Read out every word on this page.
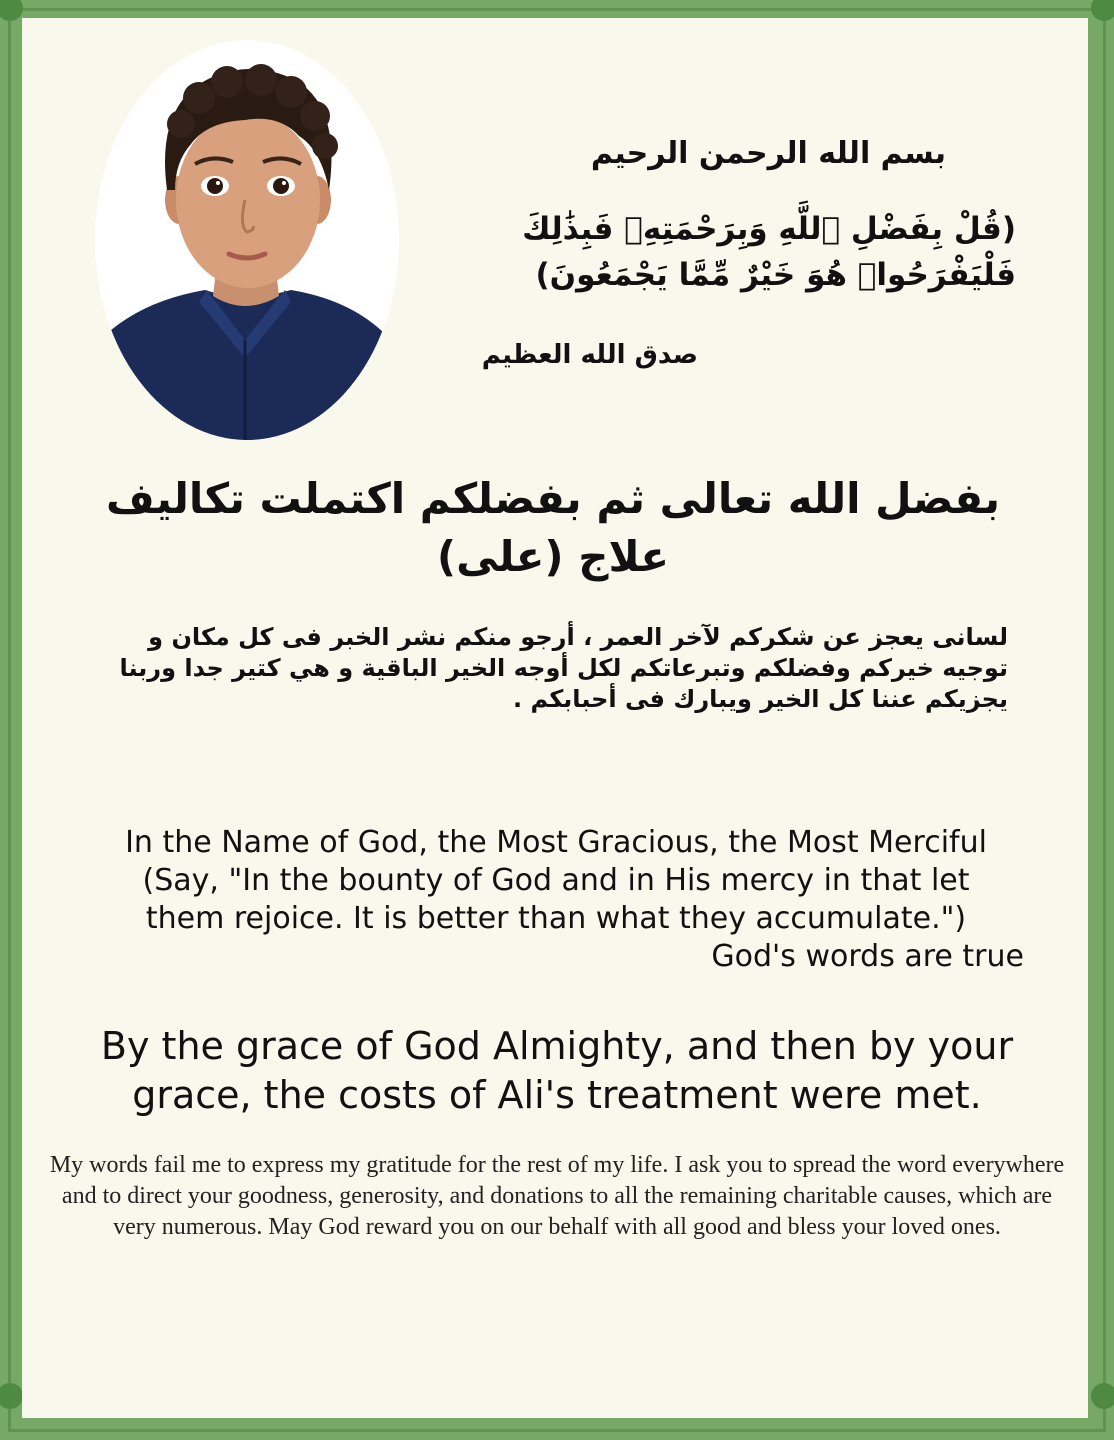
بسم الله الرحمن الرحيم
(قُلْ بِفَضْلِ ٱللَّهِ وَبِرَحْمَتِهِۦ فَبِذَٰلِكَ فَلْيَفْرَحُوا۟ هُوَ خَيْرٌ مِّمَّا يَجْمَعُونَ)
صدق الله العظيم
بفضل الله تعالى ثم بفضلكم اكتملت تكاليف علاج (على)
لسانى يعجز عن شكركم لآخر العمر ، أرجو منكم نشر الخبر فى كل مكان و توجيه خيركم وفضلكم وتبرعاتكم لكل أوجه الخير الباقية و هي كتير جدا وربنا يجزيكم عننا كل الخير ويبارك فى أحبابكم .
In the Name of God, the Most Gracious, the Most Merciful
(Say, "In the bounty of God and in His mercy in that let
them rejoice. It is better than what they accumulate.")
God's words are true
By the grace of God Almighty, and then by your grace, the costs of Ali's treatment were met.
My words fail me to express my gratitude for the rest of my life. I ask you to spread the word everywhere and to direct your goodness, generosity, and donations to all the remaining charitable causes, which are very numerous. May God reward you on our behalf with all good and bless your loved ones.
